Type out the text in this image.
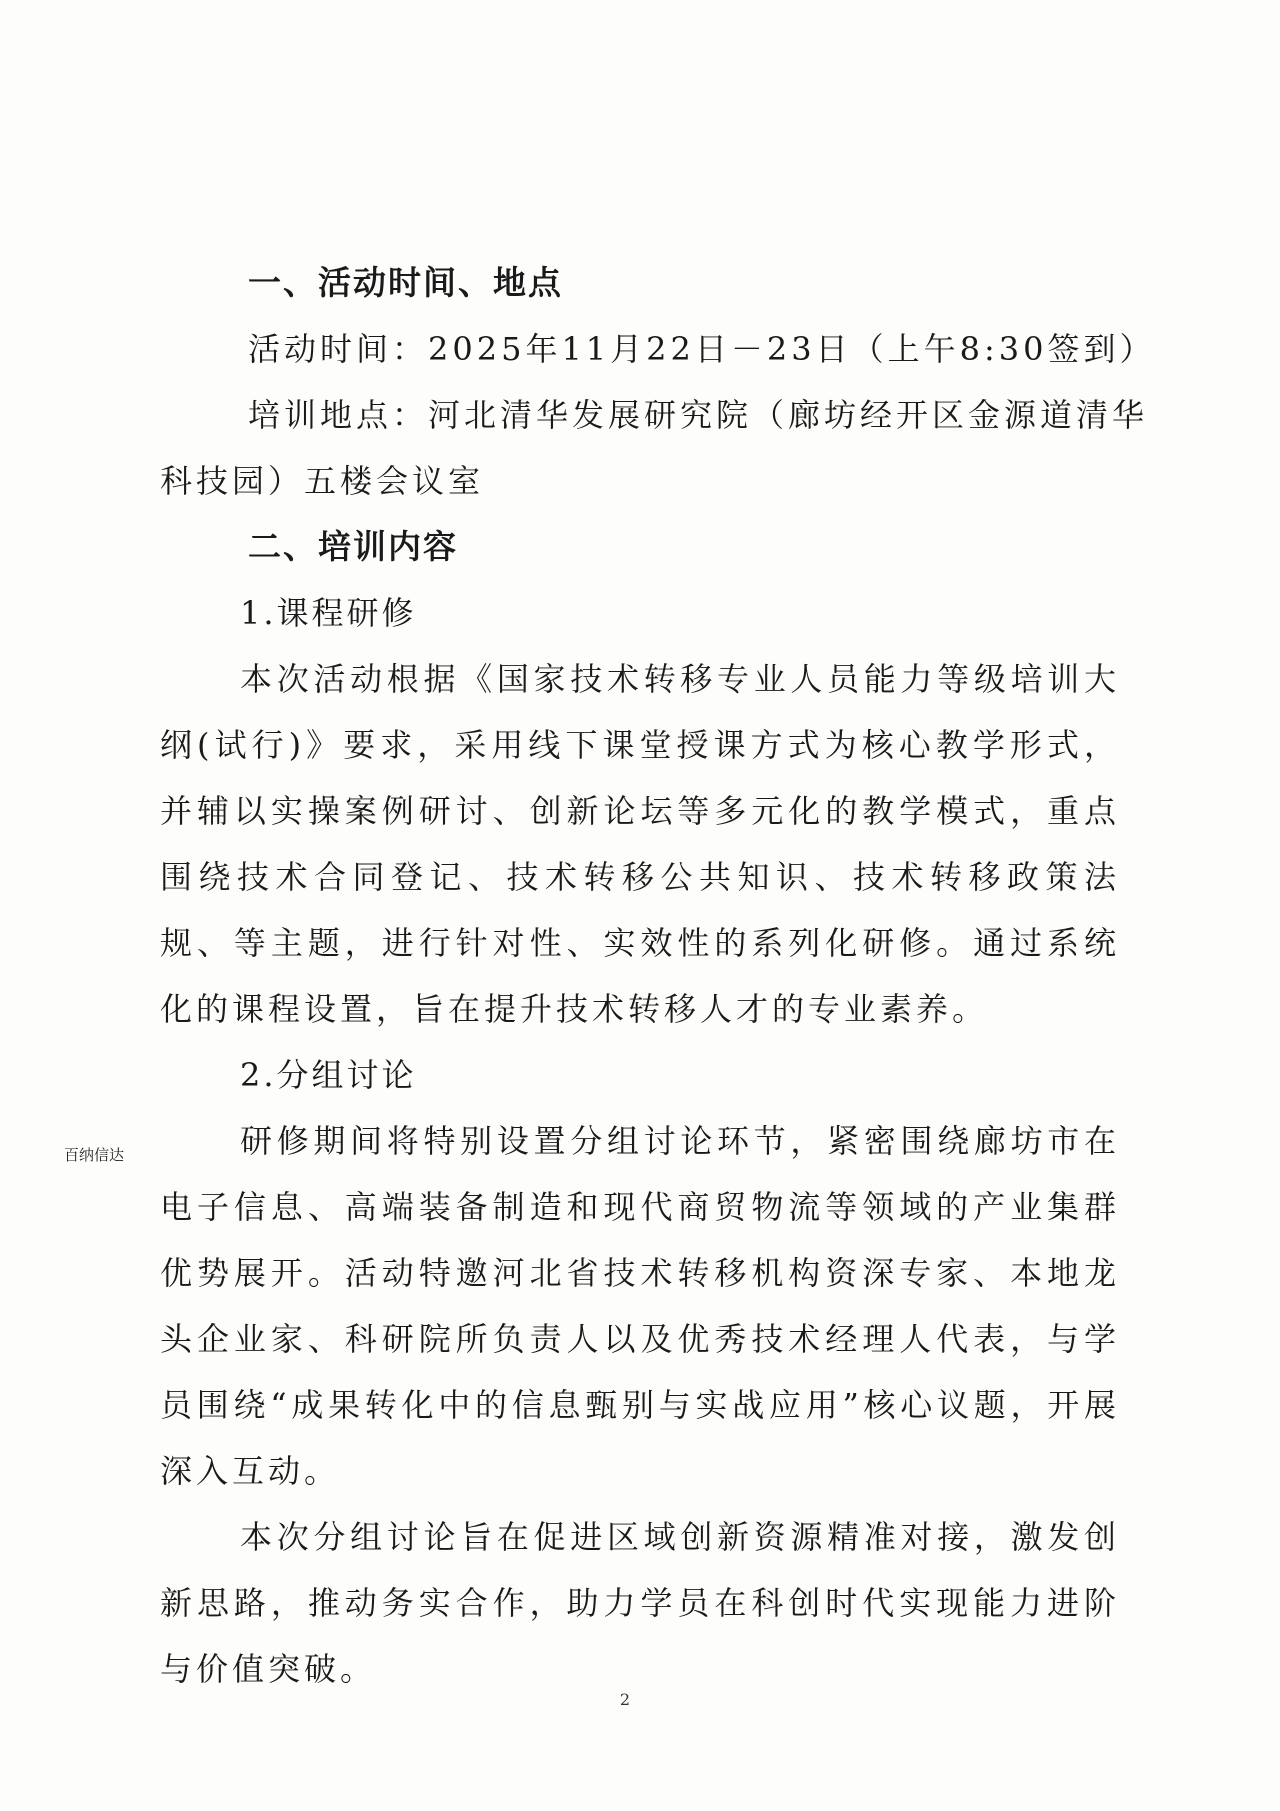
一、活动时间、地点

活动时间：2025年11月22日－23日（上午8:30签到）

培训地点：河北清华发展研究院（廊坊经开区金源道清华

科技园）五楼会议室

二、培训内容

1.课程研修

本次活动根据《国家技术转移专业人员能力等级培训大纲(试行)》要求，采用线下课堂授课方式为核心教学形式，并辅以实操案例研讨、创新论坛等多元化的教学模式，重点围绕技术合同登记、技术转移公共知识、技术转移政策法规、等主题，进行针对性、实效性的系列化研修。通过系统化的课程设置，旨在提升技术转移人才的专业素养。

2.分组讨论

研修期间将特别设置分组讨论环节，紧密围绕廊坊市在电子信息、高端装备制造和现代商贸物流等领域的产业集群优势展开。活动特邀河北省技术转移机构资深专家、本地龙头企业家、科研院所负责人以及优秀技术经理人代表，与学员围绕“成果转化中的信息甄别与实战应用”核心议题，开展深入互动。

本次分组讨论旨在促进区域创新资源精准对接，激发创新思路，推动务实合作，助力学员在科创时代实现能力进阶与价值突破。

百纳信达
2
